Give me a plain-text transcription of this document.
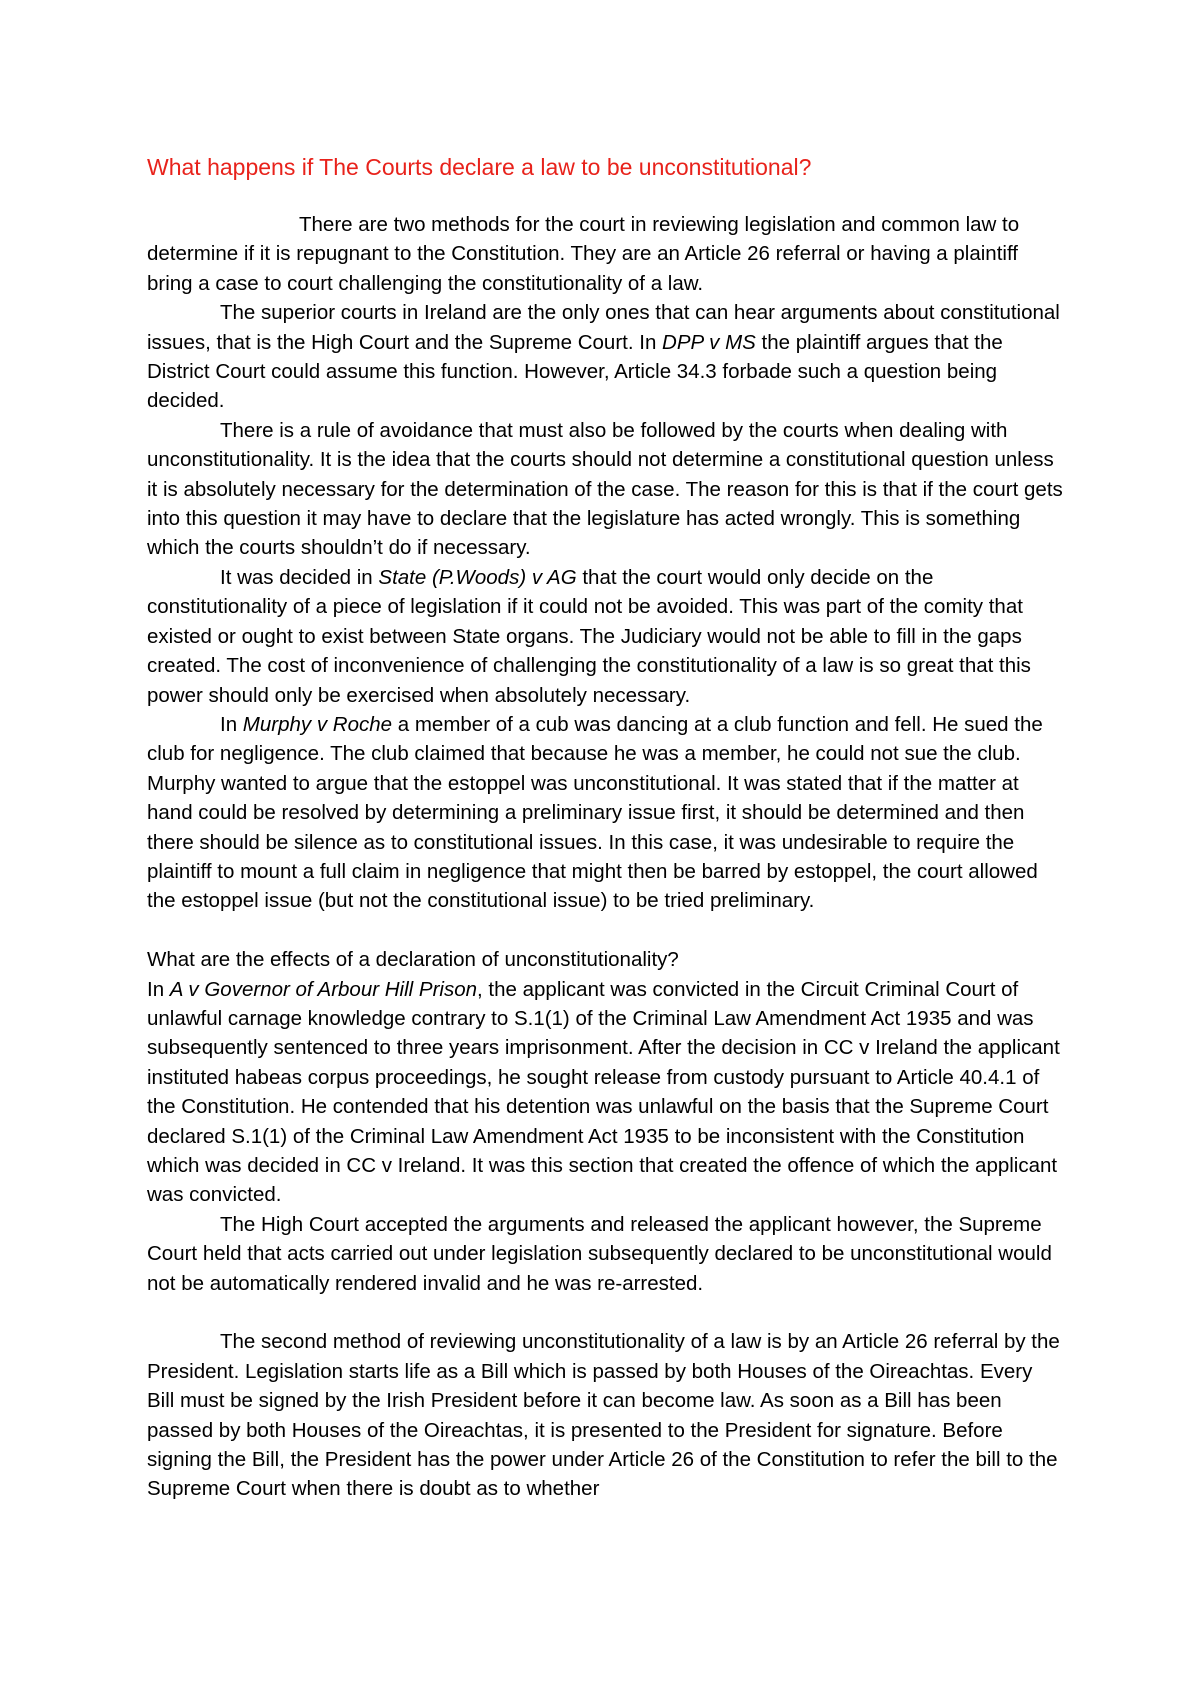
What happens if The Courts declare a law to be unconstitutional?

There are two methods for the court in reviewing legislation and common law to determine if it is repugnant to the Constitution. They are an Article 26 referral or having a plaintiff bring a case to court challenging the constitutionality of a law.

The superior courts in Ireland are the only ones that can hear arguments about constitutional issues, that is the High Court and the Supreme Court. In DPP v MS the plaintiff argues that the District Court could assume this function. However, Article 34.3 forbade such a question being decided.

There is a rule of avoidance that must also be followed by the courts when dealing with unconstitutionality. It is the idea that the courts should not determine a constitutional question unless it is absolutely necessary for the determination of the case. The reason for this is that if the court gets into this question it may have to declare that the legislature has acted wrongly. This is something which the courts shouldn’t do if necessary.

It was decided in State (P.Woods) v AG that the court would only decide on the constitutionality of a piece of legislation if it could not be avoided. This was part of the comity that existed or ought to exist between State organs. The Judiciary would not be able to fill in the gaps created. The cost of inconvenience of challenging the constitutionality of a law is so great that this power should only be exercised when absolutely necessary.

In Murphy v Roche a member of a cub was dancing at a club function and fell. He sued the club for negligence. The club claimed that because he was a member, he could not sue the club. Murphy wanted to argue that the estoppel was unconstitutional. It was stated that if the matter at hand could be resolved by determining a preliminary issue first, it should be determined and then there should be silence as to constitutional issues. In this case, it was undesirable to require the plaintiff to mount a full claim in negligence that might then be barred by estoppel, the court allowed the estoppel issue (but not the constitutional issue) to be tried preliminary.

What are the effects of a declaration of unconstitutionality?

In A v Governor of Arbour Hill Prison, the applicant was convicted in the Circuit Criminal Court of unlawful carnage knowledge contrary to S.1(1) of the Criminal Law Amendment Act 1935 and was subsequently sentenced to three years imprisonment. After the decision in CC v Ireland the applicant instituted habeas corpus proceedings, he sought release from custody pursuant to Article 40.4.1 of the Constitution. He contended that his detention was unlawful on the basis that the Supreme Court declared S.1(1) of the Criminal Law Amendment Act 1935 to be inconsistent with the Constitution which was decided in CC v Ireland. It was this section that created the offence of which the applicant was convicted.

The High Court accepted the arguments and released the applicant however, the Supreme Court held that acts carried out under legislation subsequently declared to be unconstitutional would not be automatically rendered invalid and he was re-arrested.

The second method of reviewing unconstitutionality of a law is by an Article 26 referral by the President. Legislation starts life as a Bill which is passed by both Houses of the Oireachtas. Every Bill must be signed by the Irish President before it can become law. As soon as a Bill has been passed by both Houses of the Oireachtas, it is presented to the President for signature. Before signing the Bill, the President has the power under Article 26 of the Constitution to refer the bill to the Supreme Court when there is doubt as to whether
